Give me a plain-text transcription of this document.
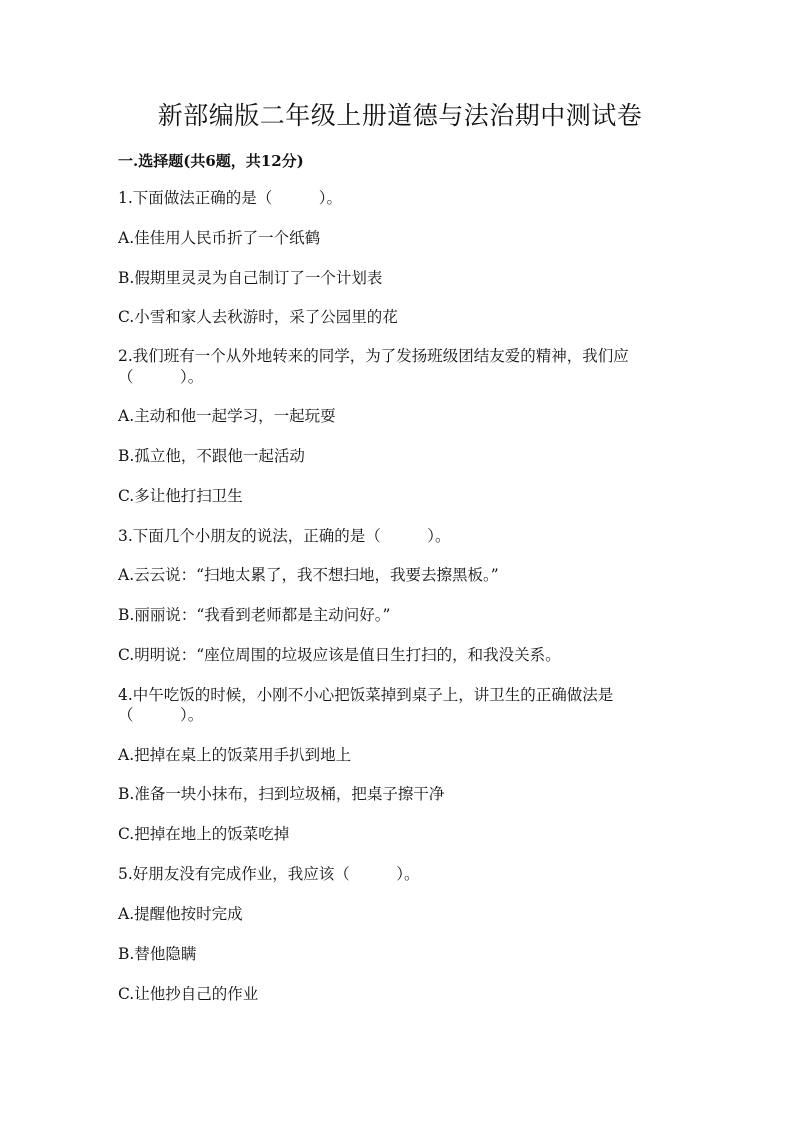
新部编版二年级上册道德与法治期中测试卷
一.选择题(共6题，共12分)
1.下面做法正确的是（　　　）。
A.佳佳用人民币折了一个纸鹤
B.假期里灵灵为自己制订了一个计划表
C.小雪和家人去秋游时，采了公园里的花
2.我们班有一个从外地转来的同学，为了发扬班级团结友爱的精神，我们应
（　　　）。
A.主动和他一起学习，一起玩耍
B.孤立他，不跟他一起活动
C.多让他打扫卫生
3.下面几个小朋友的说法，正确的是（　　　）。
A.云云说：“扫地太累了，我不想扫地，我要去擦黑板。”
B.丽丽说：“我看到老师都是主动问好。”
C.明明说：“座位周围的垃圾应该是值日生打扫的，和我没关系。
4.中午吃饭的时候，小刚不小心把饭菜掉到桌子上，讲卫生的正确做法是
（　　　）。
A.把掉在桌上的饭菜用手扒到地上
B.准备一块小抹布，扫到垃圾桶，把桌子擦干净
C.把掉在地上的饭菜吃掉
5.好朋友没有完成作业，我应该（　　　）。
A.提醒他按时完成
B.替他隐瞒
C.让他抄自己的作业
